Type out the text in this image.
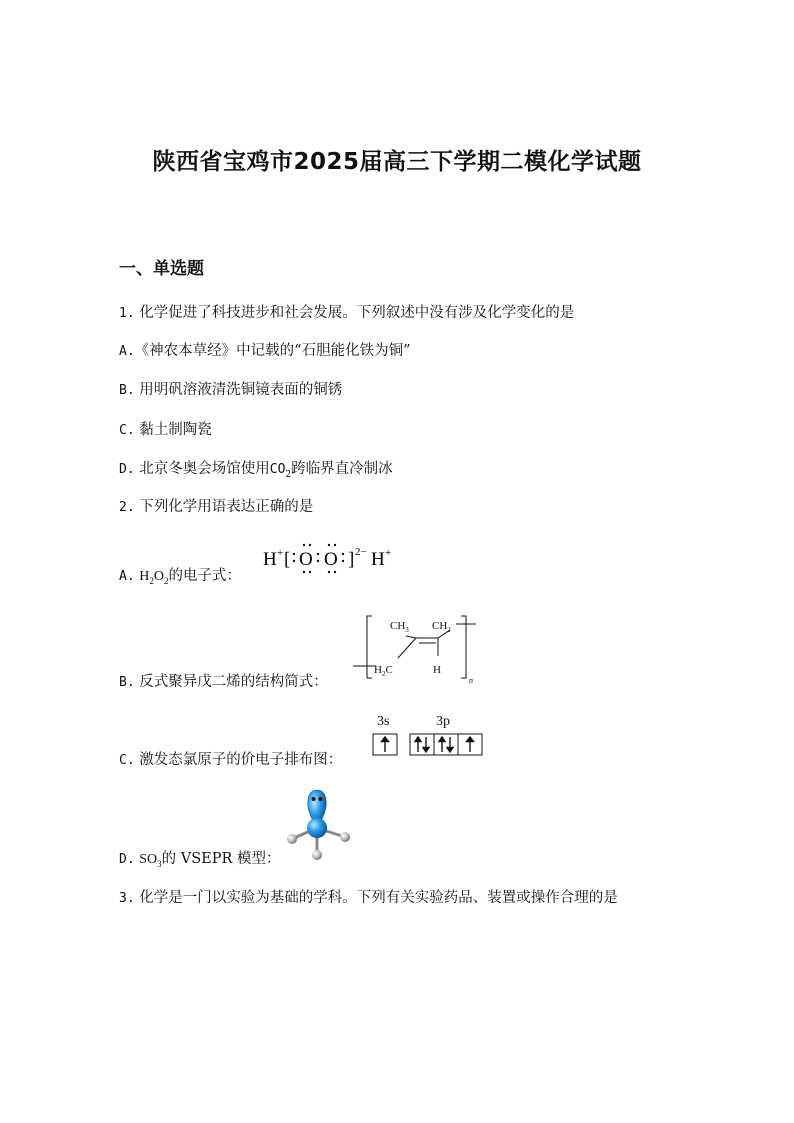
陕西省宝鸡市2025届高三下学期二模化学试题
一、单选题
1. 化学促进了科技进步和社会发展。下列叙述中没有涉及化学变化的是
A.《神农本草经》中记载的“石胆能化铁为铜”
B. 用明矾溶液清洗铜镜表面的铜锈
C. 黏土制陶瓷
D. 北京冬奥会场馆使用$CO_2$跨临界直冷制冰
2. 下列化学用语表达正确的是
A. $H_2O_2$的电子式：
H + [ O O ] 2− H +
B. 反式聚异戊二烯的结构简式：
$CH_3$ $CH_2$
$H_2C$	H
n
C. 激发态氯原子的价电子排布图：
3s	3p
D. $SO_3$的 VSEPR 模型：
3. 化学是一门以实验为基础的学科。下列有关实验药品、装置或操作合理的是
